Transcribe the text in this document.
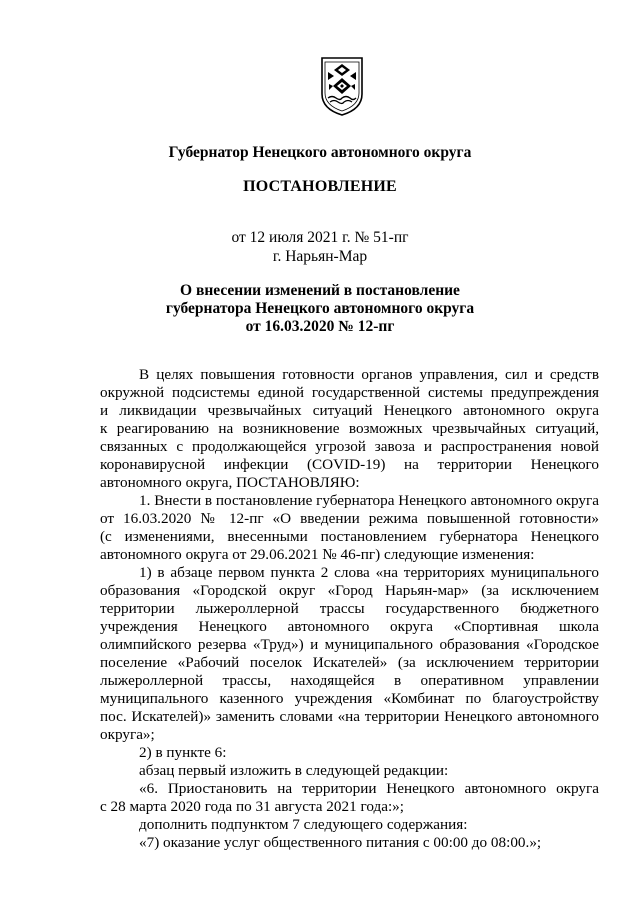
Губернатор Ненецкого автономного округа
ПОСТАНОВЛЕНИЕ
от 12 июля 2021 г. № 51-пг
г. Нарьян-Мар
О внесении изменений в постановление
губернатора Ненецкого автономного округа
от 16.03.2020 № 12-пг
В целях повышения готовности органов управления, сил и средств
окружной подсистемы единой государственной системы предупреждения
и ликвидации чрезвычайных ситуаций Ненецкого автономного округа
к реагированию на возникновение возможных чрезвычайных ситуаций,
связанных с продолжающейся угрозой завоза и распространения новой
коронавирусной инфекции (COVID-19) на территории Ненецкого
автономного округа, ПОСТАНОВЛЯЮ:
1. Внести в постановление губернатора Ненецкого автономного округа
от 16.03.2020 № 12-пг «О введении режима повышенной готовности»
(с изменениями, внесенными постановлением губернатора Ненецкого
автономного округа от 29.06.2021 № 46-пг) следующие изменения:
1) в абзаце первом пункта 2 слова «на территориях муниципального
образования «Городской округ «Город Нарьян-мар» (за исключением
территории лыжероллерной трассы государственного бюджетного
учреждения Ненецкого автономного округа «Спортивная школа
олимпийского резерва «Труд») и муниципального образования «Городское
поселение «Рабочий поселок Искателей» (за исключением территории
лыжероллерной трассы, находящейся в оперативном управлении
муниципального казенного учреждения «Комбинат по благоустройству
пос. Искателей)» заменить словами «на территории Ненецкого автономного
округа»;
2) в пункте 6:
абзац первый изложить в следующей редакции:
«6. Приостановить на территории Ненецкого автономного округа
с 28 марта 2020 года по 31 августа 2021 года:»;
дополнить подпунктом 7 следующего содержания:
«7) оказание услуг общественного питания с 00:00 до 08:00.»;
